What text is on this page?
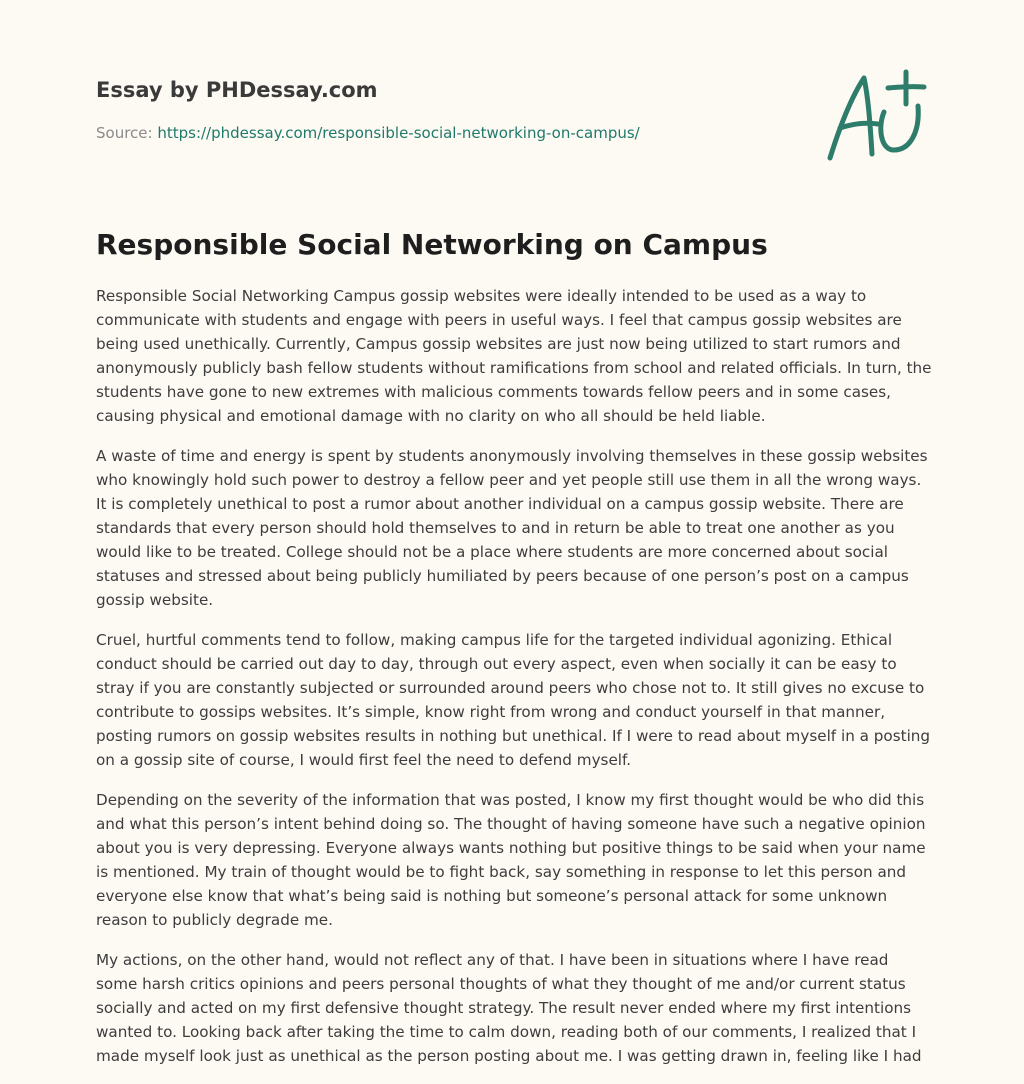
Essay by PHDessay.com
Source: https://phdessay.com/responsible-social-networking-on-campus/
Responsible Social Networking on Campus

Responsible Social Networking Campus gossip websites were ideally intended to be used as a way to communicate with students and engage with peers in useful ways. I feel that campus gossip websites are being used unethically. Currently, Campus gossip websites are just now being utilized to start rumors and anonymously publicly bash fellow students without ramifications from school and related officials. In turn, the students have gone to new extremes with malicious comments towards fellow peers and in some cases, causing physical and emotional damage with no clarity on who all should be held liable.

A waste of time and energy is spent by students anonymously involving themselves in these gossip websites who knowingly hold such power to destroy a fellow peer and yet people still use them in all the wrong ways. It is completely unethical to post a rumor about another individual on a campus gossip website. There are standards that every person should hold themselves to and in return be able to treat one another as you would like to be treated. College should not be a place where students are more concerned about social statuses and stressed about being publicly humiliated by peers because of one person’s post on a campus gossip website.

Cruel, hurtful comments tend to follow, making campus life for the targeted individual agonizing. Ethical conduct should be carried out day to day, through out every aspect, even when socially it can be easy to stray if you are constantly subjected or surrounded around peers who chose not to. It still gives no excuse to contribute to gossips websites. It’s simple, know right from wrong and conduct yourself in that manner, posting rumors on gossip websites results in nothing but unethical. If I were to read about myself in a posting on a gossip site of course, I would first feel the need to defend myself.

Depending on the severity of the information that was posted, I know my first thought would be who did this and what this person’s intent behind doing so. The thought of having someone have such a negative opinion about you is very depressing. Everyone always wants nothing but positive things to be said when your name is mentioned. My train of thought would be to fight back, say something in response to let this person and everyone else know that what’s being said is nothing but someone’s personal attack for some unknown reason to publicly degrade me.

My actions, on the other hand, would not reflect any of that. I have been in situations where I have read some harsh critics opinions and peers personal thoughts of what they thought of me and/or current status socially and acted on my first defensive thought strategy. The result never ended where my first intentions wanted to. Looking back after taking the time to calm down, reading both of our comments, I realized that I made myself look just as unethical as the person posting about me. I was getting drawn in, feeling like I had
